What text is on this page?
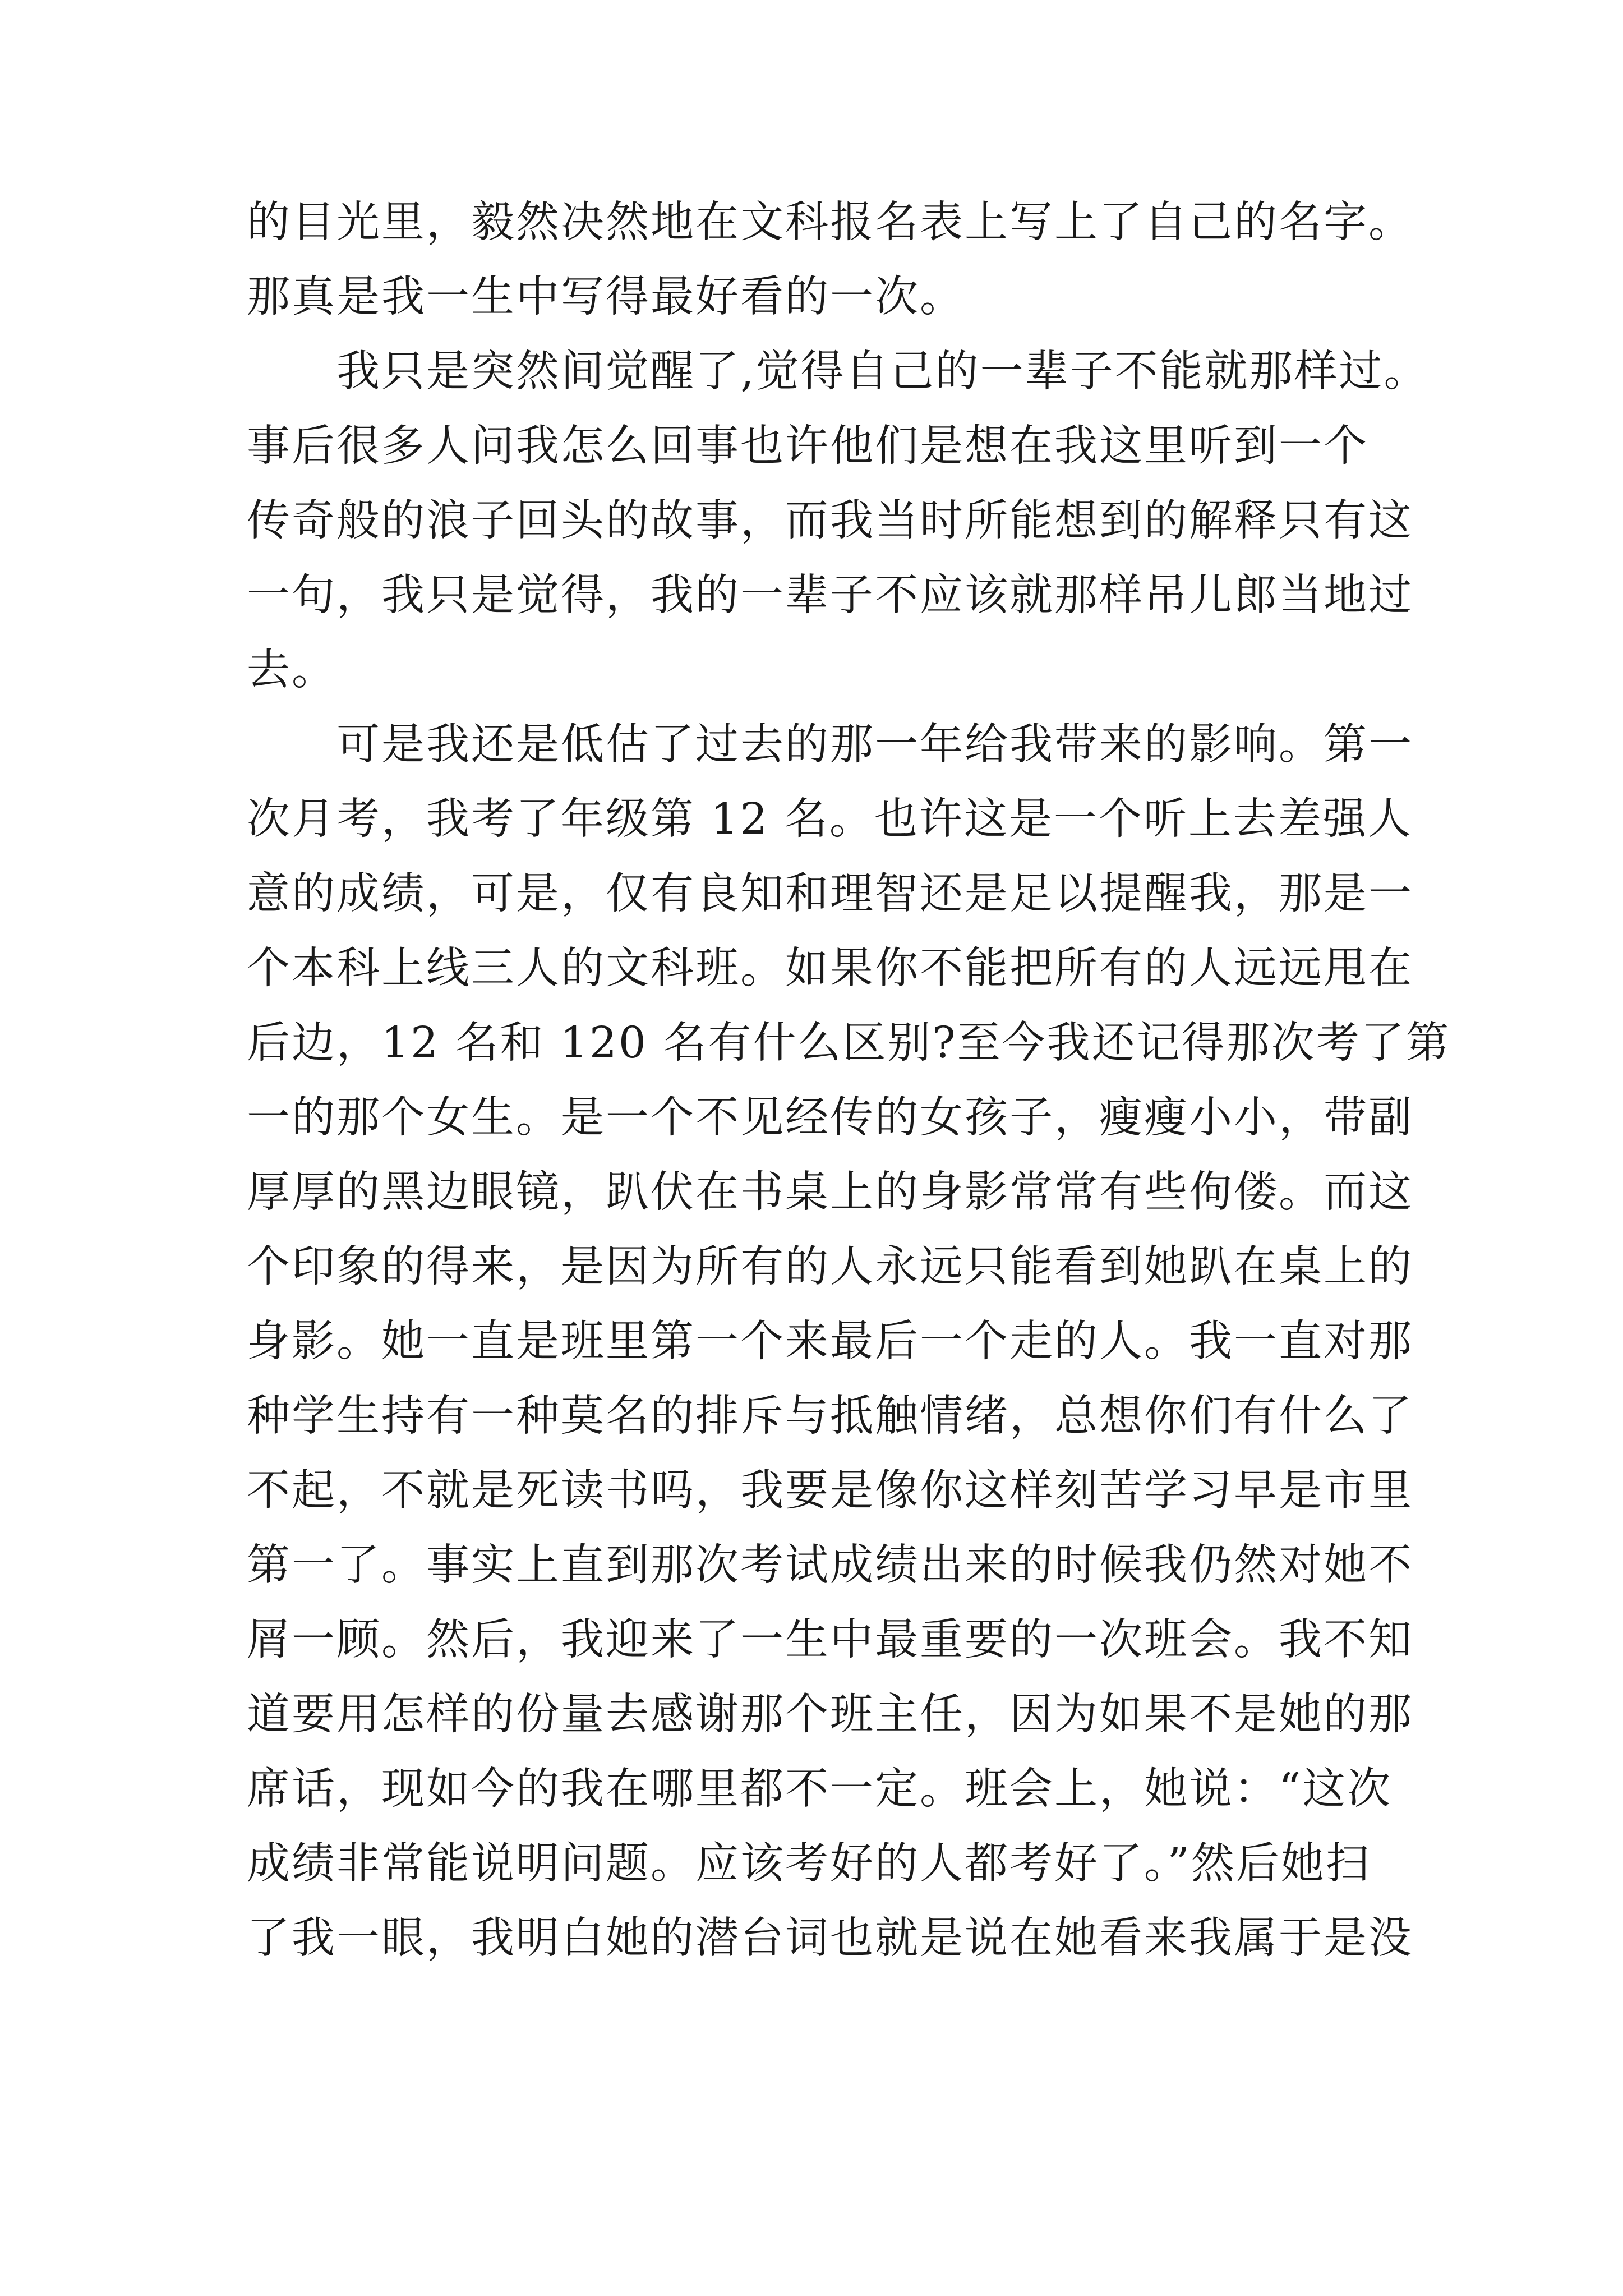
的目光里，毅然决然地在文科报名表上写上了自己的名字。
那真是我一生中写得最好看的一次。
　　我只是突然间觉醒了,觉得自己的一辈子不能就那样过。
事后很多人问我怎么回事也许他们是想在我这里听到一个
传奇般的浪子回头的故事，而我当时所能想到的解释只有这
一句，我只是觉得，我的一辈子不应该就那样吊儿郎当地过
去。
　　可是我还是低估了过去的那一年给我带来的影响。第一
次月考，我考了年级第 12 名。也许这是一个听上去差强人
意的成绩，可是，仅有良知和理智还是足以提醒我，那是一
个本科上线三人的文科班。如果你不能把所有的人远远甩在
后边，12 名和 120 名有什么区别?至今我还记得那次考了第
一的那个女生。是一个不见经传的女孩子，瘦瘦小小，带副
厚厚的黑边眼镜，趴伏在书桌上的身影常常有些佝偻。而这
个印象的得来，是因为所有的人永远只能看到她趴在桌上的
身影。她一直是班里第一个来最后一个走的人。我一直对那
种学生持有一种莫名的排斥与抵触情绪，总想你们有什么了
不起，不就是死读书吗，我要是像你这样刻苦学习早是市里
第一了。事实上直到那次考试成绩出来的时候我仍然对她不
屑一顾。然后，我迎来了一生中最重要的一次班会。我不知
道要用怎样的份量去感谢那个班主任，因为如果不是她的那
席话，现如今的我在哪里都不一定。班会上，她说：“这次
成绩非常能说明问题。应该考好的人都考好了。”然后她扫
了我一眼，我明白她的潜台词也就是说在她看来我属于是没
